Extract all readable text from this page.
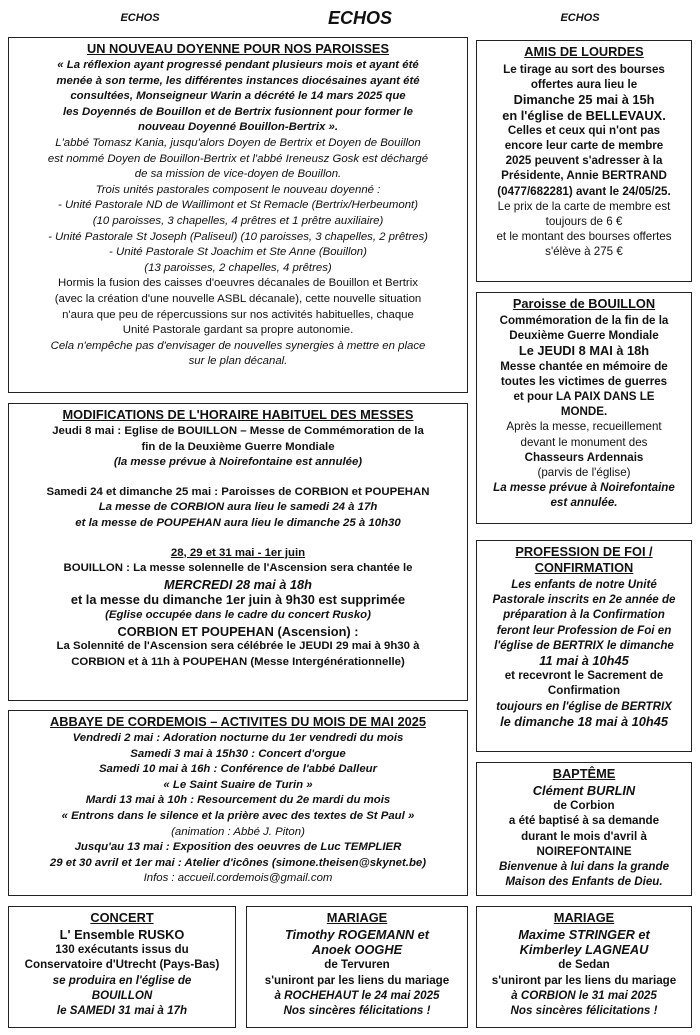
ECHOS	ECHOS	ECHOS
UN NOUVEAU DOYENNE POUR NOS PAROISSES
« La réflexion ayant progressé pendant plusieurs mois et ayant été
menée à son terme, les différentes instances diocésaines ayant été
consultées, Monseigneur Warin a décrété le 14 mars 2025 que
les Doyennés de Bouillon et de Bertrix fusionnent pour former le
nouveau Doyenné Bouillon-Bertrix ».
L'abbé Tomasz Kania, jusqu'alors Doyen de Bertrix et Doyen de Bouillon
est nommé Doyen de Bouillon-Bertrix et l'abbé Ireneusz Gosk est déchargé
de sa mission de vice-doyen de Bouillon.
Trois unités pastorales composent le nouveau doyenné :
- Unité Pastorale ND de Waillimont et St Remacle (Bertrix/Herbeumont)
(10 paroisses, 3 chapelles, 4 prêtres et 1 prêtre auxiliaire)
- Unité Pastorale St Joseph (Paliseul) (10 paroisses, 3 chapelles, 2 prêtres)
- Unité Pastorale St Joachim et Ste Anne (Bouillon)
(13 paroisses, 2 chapelles, 4 prêtres)
Hormis la fusion des caisses d'oeuvres décanales de Bouillon et Bertrix
(avec la création d'une nouvelle ASBL décanale), cette nouvelle situation
n'aura que peu de répercussions sur nos activités habituelles, chaque
Unité Pastorale gardant sa propre autonomie.
Cela n'empêche pas d'envisager de nouvelles synergies à mettre en place
sur le plan décanal.
MODIFICATIONS DE L'HORAIRE HABITUEL DES MESSES
Jeudi 8 mai : Eglise de BOUILLON – Messe de Commémoration de la
fin de la Deuxième Guerre Mondiale
(la messe prévue à Noirefontaine est annulée)
Samedi 24 et dimanche 25 mai : Paroisses de CORBION et POUPEHAN
La messe de CORBION aura lieu le samedi 24 à 17h
et la messe de POUPEHAN aura lieu le dimanche 25 à 10h30
28, 29 et 31 mai - 1er juin
BOUILLON : La messe solennelle de l'Ascension sera chantée le
MERCREDI 28 mai à 18h
et la messe du dimanche 1er juin à 9h30 est supprimée
(Eglise occupée dans le cadre du concert Rusko)
CORBION ET POUPEHAN (Ascension) :
La Solennité de l'Ascension sera célébrée le JEUDI 29 mai à 9h30 à
CORBION et à 11h à POUPEHAN (Messe Intergénérationnelle)
ABBAYE DE CORDEMOIS – ACTIVITES DU MOIS DE MAI 2025
Vendredi 2 mai : Adoration nocturne du 1er vendredi du mois
Samedi 3 mai à 15h30 : Concert d'orgue
Samedi 10 mai à 16h : Conférence de l'abbé Dalleur
« Le Saint Suaire de Turin »
Mardi 13 mai à 10h : Resourcement du 2e mardi du mois
« Entrons dans le silence et la prière avec des textes de St Paul »
(animation : Abbé J. Piton)
Jusqu'au 13 mai : Exposition des oeuvres de Luc TEMPLIER
29 et 30 avril et 1er mai : Atelier d'icônes (simone.theisen@skynet.be)
Infos : accueil.cordemois@gmail.com
CONCERT
L' Ensemble RUSKO
130 exécutants issus du
Conservatoire d'Utrecht (Pays-Bas)
se produira en l'église de
BOUILLON
le SAMEDI 31 mai à 17h
MARIAGE
Timothy ROGEMANN et
Anoek OOGHE
de Tervuren
s'uniront par les liens du mariage
à ROCHEHAUT le 24 mai 2025
Nos sincères félicitations !
MARIAGE
Maxime STRINGER et
Kimberley LAGNEAU
de Sedan
s'uniront par les liens du mariage
à CORBION le 31 mai 2025
Nos sincères félicitations !
AMIS DE LOURDES
Le tirage au sort des bourses
offertes aura lieu le
Dimanche 25 mai à 15h
en l'église de BELLEVAUX.
Celles et ceux qui n'ont pas
encore leur carte de membre
2025 peuvent s'adresser à la
Présidente, Annie BERTRAND
(0477/682281) avant le 24/05/25.
Le prix de la carte de membre est
toujours de 6 €
et le montant des bourses offertes
s'élève à 275 €
Paroisse de BOUILLON
Commémoration de la fin de la
Deuxième Guerre Mondiale
Le JEUDI 8 MAI à 18h
Messe chantée en mémoire de
toutes les victimes de guerres
et pour LA PAIX DANS LE
MONDE.
Après la messe, recueillement
devant le monument des
Chasseurs Ardennais
(parvis de l'église)
La messe prévue à Noirefontaine
est annulée.
PROFESSION DE FOI /
CONFIRMATION
Les enfants de notre Unité
Pastorale inscrits en 2e année de
préparation à la Confirmation
feront leur Profession de Foi en
l'église de BERTRIX le dimanche
11 mai à 10h45
et recevront le Sacrement de
Confirmation
toujours en l'église de BERTRIX
le dimanche 18 mai à 10h45
BAPTÊME
Clément BURLIN
de Corbion
a été baptisé à sa demande
durant le mois d'avril à
NOIREFONTAINE
Bienvenue à lui dans la grande
Maison des Enfants de Dieu.
